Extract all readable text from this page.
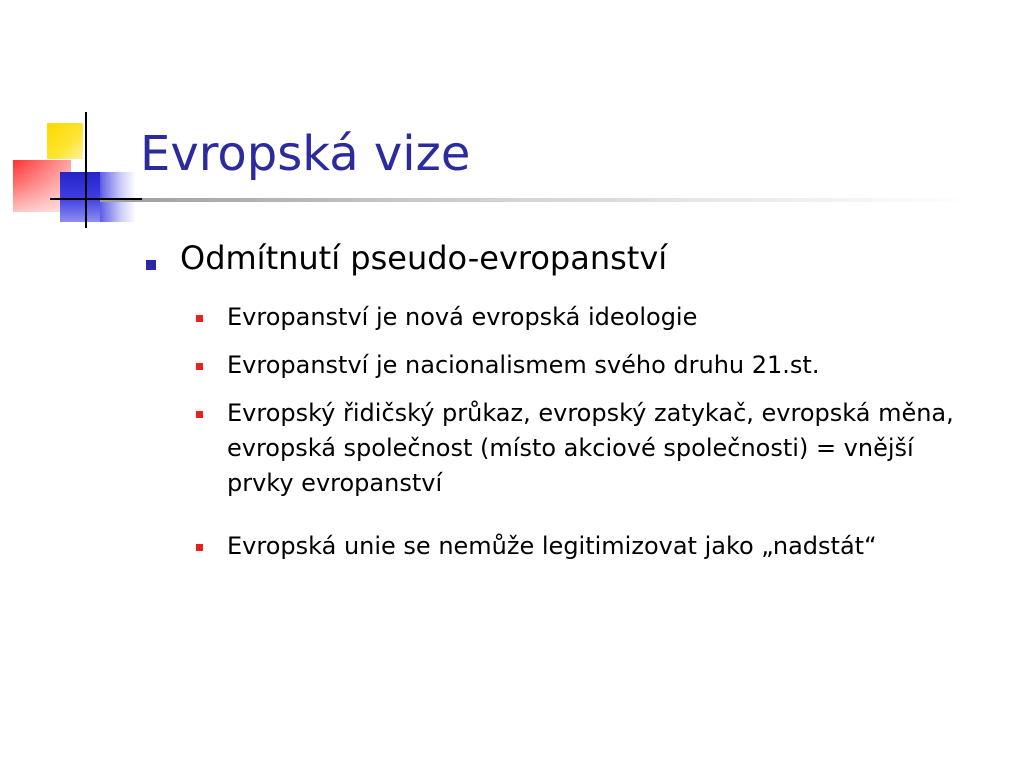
Evropská vize
Odmítnutí pseudo-evropanství
Evropanství je nová evropská ideologie
Evropanství je nacionalismem svého druhu 21.st.
Evropský řidičský průkaz, evropský zatykač, evropská měna, evropská společnost (místo akciové společnosti) = vnější prvky evropanství
Evropská unie se nemůže legitimizovat jako „nadstát“
